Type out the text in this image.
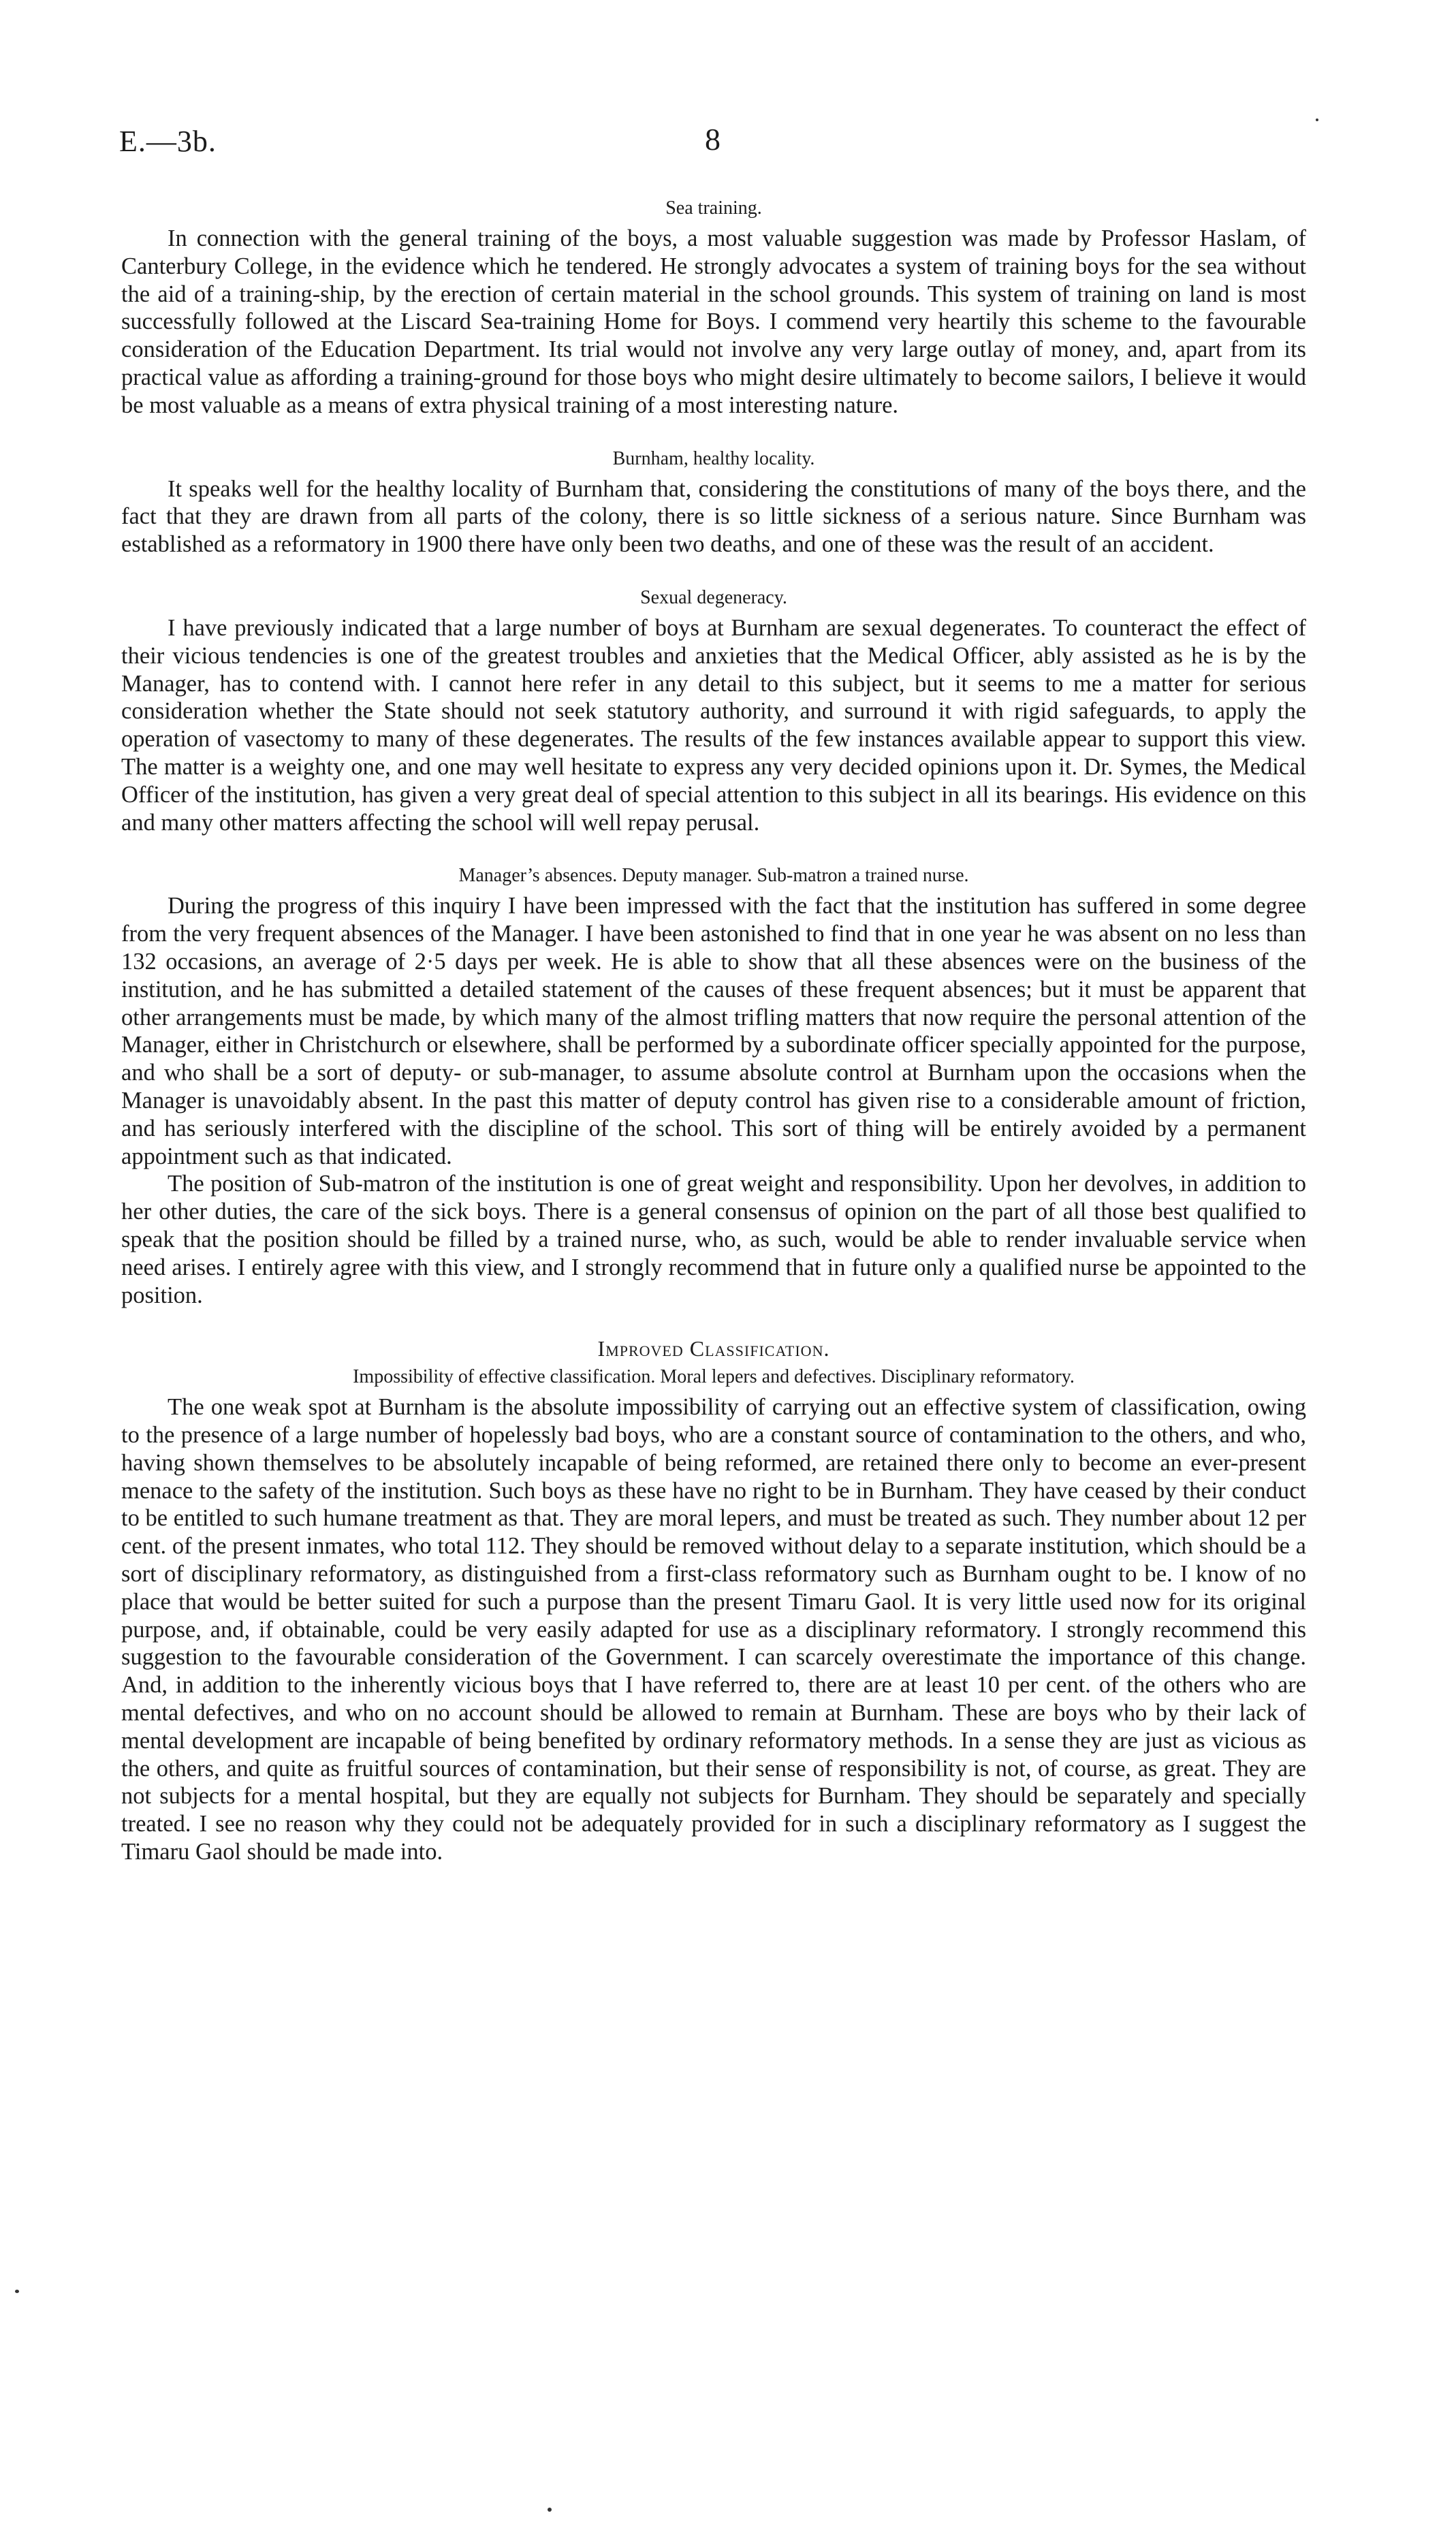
E.—3b.	8
Sea training.

In connection with the general training of the boys, a most valuable suggestion was made by Professor Haslam, of Canterbury College, in the evidence which he tendered. He strongly advocates a system of training boys for the sea without the aid of a training-ship, by the erection of certain material in the school grounds. This system of training on land is most successfully followed at the Liscard Sea-training Home for Boys. I commend very heartily this scheme to the favourable consideration of the Education Department. Its trial would not involve any very large outlay of money, and, apart from its practical value as affording a training-ground for those boys who might desire ultimately to become sailors, I believe it would be most valuable as a means of extra physical training of a most interesting nature.

Burnham, healthy locality.

It speaks well for the healthy locality of Burnham that, considering the constitutions of many of the boys there, and the fact that they are drawn from all parts of the colony, there is so little sickness of a serious nature. Since Burnham was established as a reformatory in 1900 there have only been two deaths, and one of these was the result of an accident.

Sexual degeneracy.

I have previously indicated that a large number of boys at Burnham are sexual degenerates. To counteract the effect of their vicious tendencies is one of the greatest troubles and anxieties that the Medical Officer, ably assisted as he is by the Manager, has to contend with. I cannot here refer in any detail to this subject, but it seems to me a matter for serious consideration whether the State should not seek statutory authority, and surround it with rigid safeguards, to apply the operation of vasectomy to many of these degenerates. The results of the few instances available appear to support this view. The matter is a weighty one, and one may well hesitate to express any very decided opinions upon it. Dr. Symes, the Medical Officer of the institution, has given a very great deal of special attention to this subject in all its bearings. His evidence on this and many other matters affecting the school will well repay perusal.

Manager’s absences. Deputy manager. Sub-matron a trained nurse.

During the progress of this inquiry I have been impressed with the fact that the institution has suffered in some degree from the very frequent absences of the Manager. I have been astonished to find that in one year he was absent on no less than 132 occasions, an average of 2·5 days per week. He is able to show that all these absences were on the business of the institution, and he has submitted a detailed statement of the causes of these frequent absences; but it must be apparent that other arrangements must be made, by which many of the almost trifling matters that now require the personal attention of the Manager, either in Christchurch or elsewhere, shall be performed by a subordinate officer specially appointed for the purpose, and who shall be a sort of deputy- or sub-manager, to assume absolute control at Burnham upon the occasions when the Manager is unavoidably absent. In the past this matter of deputy control has given rise to a considerable amount of friction, and has seriously interfered with the discipline of the school. This sort of thing will be entirely avoided by a permanent appointment such as that indicated.

The position of Sub-matron of the institution is one of great weight and responsibility. Upon her devolves, in addition to her other duties, the care of the sick boys. There is a general consensus of opinion on the part of all those best qualified to speak that the position should be filled by a trained nurse, who, as such, would be able to render invaluable service when need arises. I entirely agree with this view, and I strongly recommend that in future only a qualified nurse be appointed to the position.

Improved Classification.
Impossibility of effective classification. Moral lepers and defectives. Disciplinary reformatory.

The one weak spot at Burnham is the absolute impossibility of carrying out an effective system of classification, owing to the presence of a large number of hopelessly bad boys, who are a constant source of contamination to the others, and who, having shown themselves to be absolutely incapable of being reformed, are retained there only to become an ever-present menace to the safety of the institution. Such boys as these have no right to be in Burnham. They have ceased by their conduct to be entitled to such humane treatment as that. They are moral lepers, and must be treated as such. They number about 12 per cent. of the present inmates, who total 112. They should be removed without delay to a separate institution, which should be a sort of disciplinary reformatory, as distinguished from a first-class reformatory such as Burnham ought to be. I know of no place that would be better suited for such a purpose than the present Timaru Gaol. It is very little used now for its original purpose, and, if obtainable, could be very easily adapted for use as a disciplinary reformatory. I strongly recommend this suggestion to the favourable consideration of the Government. I can scarcely overestimate the importance of this change. And, in addition to the inherently vicious boys that I have referred to, there are at least 10 per cent. of the others who are mental defectives, and who on no account should be allowed to remain at Burnham. These are boys who by their lack of mental development are incapable of being benefited by ordinary reformatory methods. In a sense they are just as vicious as the others, and quite as fruitful sources of contamination, but their sense of responsibility is not, of course, as great. They are not subjects for a mental hospital, but they are equally not subjects for Burnham. They should be separately and specially treated. I see no reason why they could not be adequately provided for in such a disciplinary reformatory as I suggest the Timaru Gaol should be made into.
